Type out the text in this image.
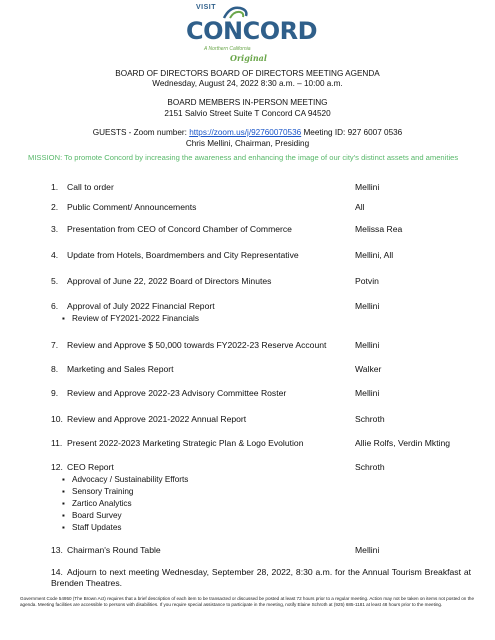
VISIT
CONCORD
A Northern California
Original
BOARD OF DIRECTORS BOARD OF DIRECTORS MEETING AGENDA
Wednesday, August 24, 2022 8:30 a.m. – 10:00 a.m.
BOARD MEMBERS IN-PERSON MEETING
2151 Salvio Street Suite T Concord CA 94520
GUESTS - Zoom number: https://zoom.us/j/92760070536 Meeting ID: 927 6007 0536
Chris Mellini, Chairman, Presiding
MISSION: To promote Concord by increasing the awareness and enhancing the image of our city's distinct assets and amenities
1. Call to order	Mellini
2. Public Comment/ Announcements	All
3. Presentation from CEO of Concord Chamber of Commerce	Melissa Rea
4. Update from Hotels, Boardmembers and City Representative	Mellini, All
5. Approval of June 22, 2022 Board of Directors Minutes	Potvin
6. Approval of July 2022 Financial Report	Mellini
▪ Review of FY2021-2022 Financials
7. Review and Approve $ 50,000 towards FY2022-23 Reserve Account	Mellini
8. Marketing and Sales Report	Walker
9. Review and Approve 2022-23 Advisory Committee Roster	Mellini
10. Review and Approve 2021-2022 Annual Report	Schroth
11. Present 2022-2023 Marketing Strategic Plan & Logo Evolution	Allie Rolfs, Verdin Mkting
12. CEO Report	Schroth
▪ Advocacy / Sustainability Efforts
▪ Sensory Training
▪ Zartico Analytics
▪ Board Survey
▪ Staff Updates
13. Chairman's Round Table	Mellini
14. Adjourn to next meeting Wednesday, September 28, 2022, 8:30 a.m. for the Annual Tourism Breakfast at Brenden Theatres.
Government Code 54950 (The Brown Act) requires that a brief description of each item to be transacted or discussed be posted at least 72 hours prior to a regular meeting. Action may not be taken on items not posted on the agenda. Meeting facilities are accessible to persons with disabilities. If you require special assistance to participate in the meeting, notify Elaine Schroth at (925) 685-1181 at least 48 hours prior to the meeting.
